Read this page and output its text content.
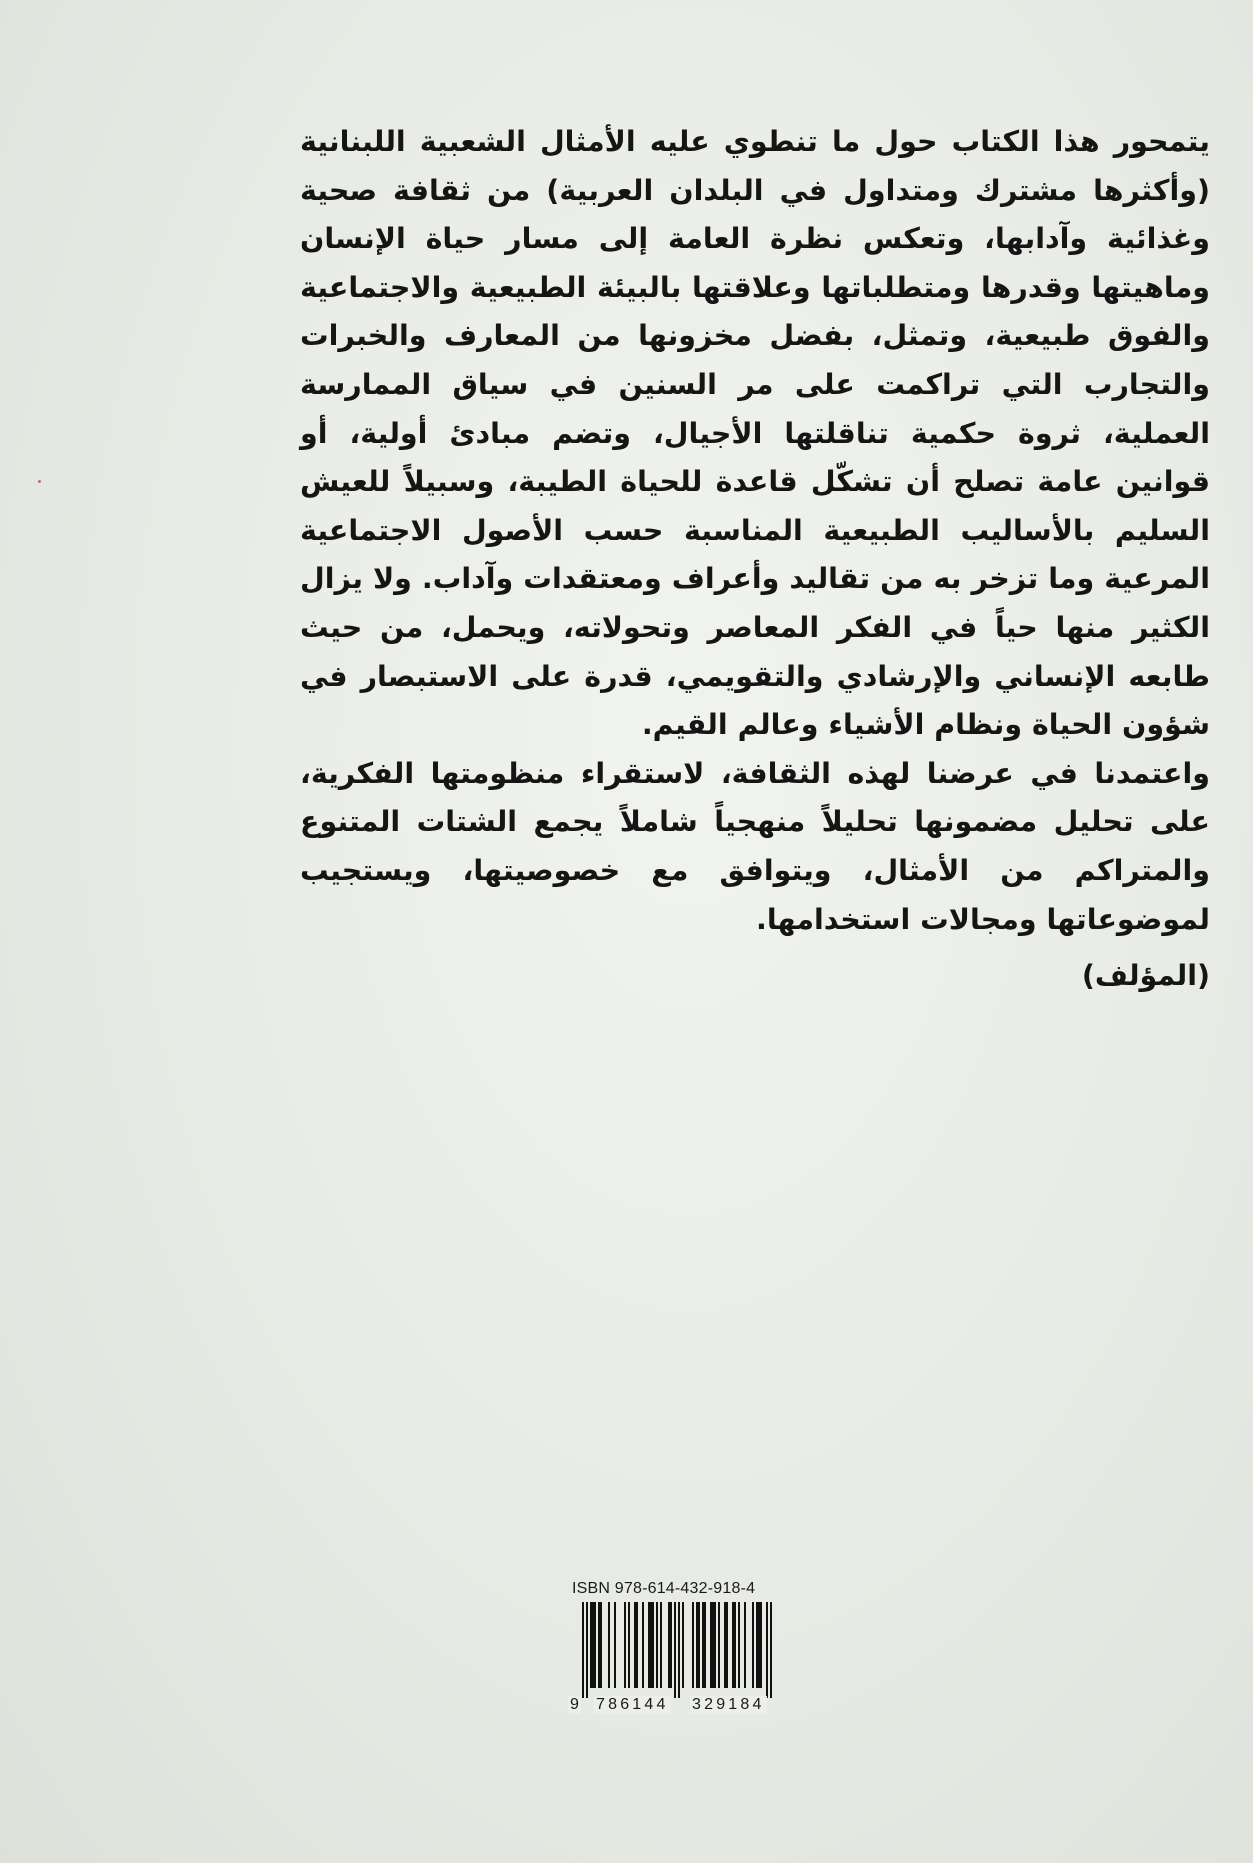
يتمحور هذا الكتاب حول ما تنطوي عليه الأمثال الشعبية اللبنانية (وأكثرها مشترك ومتداول في البلدان العربية) من ثقافة صحية وغذائية وآدابها، وتعكس نظرة العامة إلى مسار حياة الإنسان وماهيتها وقدرها ومتطلباتها وعلاقتها بالبيئة الطبيعية والاجتماعية والفوق طبيعية، وتمثل، بفضل مخزونها من المعارف والخبرات والتجارب التي تراكمت على مر السنين في سياق الممارسة العملية، ثروة حكمية تناقلتها الأجيال، وتضم مبادئ أولية، أو قوانين عامة تصلح أن تشكّل قاعدة للحياة الطيبة، وسبيلاً للعيش السليم بالأساليب الطبيعية المناسبة حسب الأصول الاجتماعية المرعية وما تزخر به من تقاليد وأعراف ومعتقدات وآداب. ولا يزال الكثير منها حياً في الفكر المعاصر وتحولاته، ويحمل، من حيث طابعه الإنساني والإرشادي والتقويمي، قدرة على الاستبصار في شؤون الحياة ونظام الأشياء وعالم القيم.

واعتمدنا في عرضنا لهذه الثقافة، لاستقراء منظومتها الفكرية، على تحليل مضمونها تحليلاً منهجياً شاملاً يجمع الشتات المتنوع والمتراكم من الأمثال، ويتوافق مع خصوصيتها، ويستجيب لموضوعاتها ومجالات استخدامها.

(المؤلف)

ISBN 978-614-432-918-4
9 786144 329184
